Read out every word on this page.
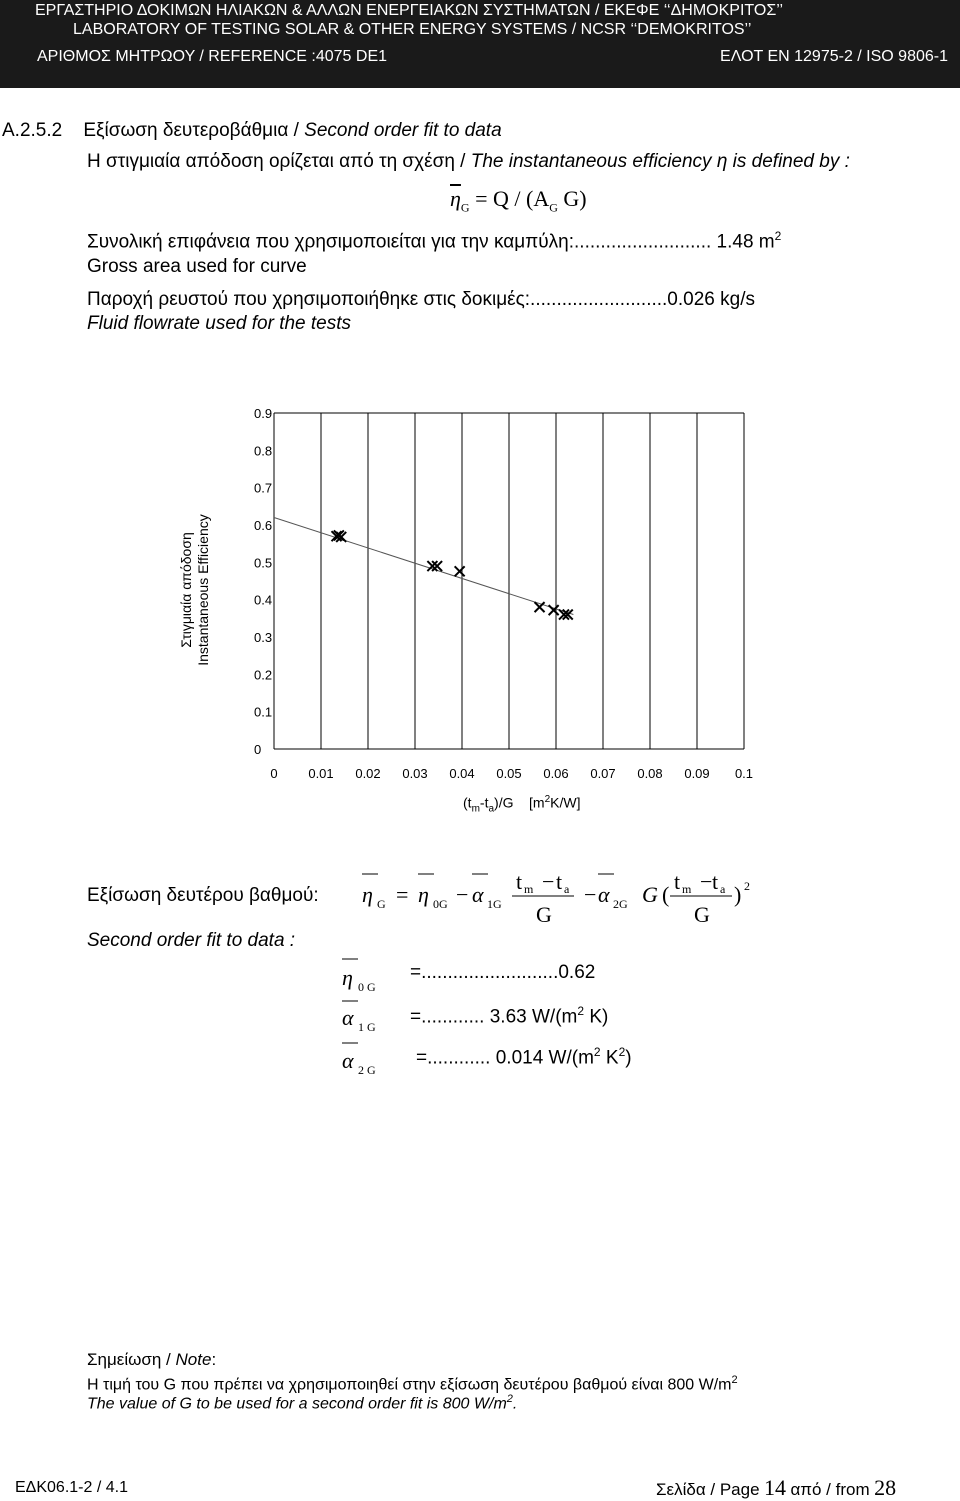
ΕΡΓΑΣΤΗΡΙΟ ΔΟΚΙΜΩΝ ΗΛΙΑΚΩΝ & ΑΛΛΩΝ ΕΝΕΡΓΕΙΑΚΩΝ ΣΥΣΤΗΜΑΤΩΝ / ΕΚΕΦΕ ‘‘ΔΗΜΟΚΡΙΤΟΣ’’
LABORATORY OF TESTING SOLAR & OTHER ENERGY SYSTEMS / NCSR ‘‘DEMOKRITOS’’
ΑΡΙΘΜΟΣ ΜΗΤΡΩΟΥ / REFERENCE :4075 DE1	ΕΛΟΤ EN 12975-2 / ISO 9806-1
Α.2.5.2 Εξίσωση δευτεροβάθμια / Second order fit to data
Η στιγμιαία απόδοση ορίζεται από τη σχέση / The instantaneous efficiency η is defined by :
$\overline{\eta}_G = Q / (A_G$ G)
Συνολική επιφάνεια που χρησιμοποιείται για την καμπύλη:.......................... 1.48 $m^2$
Gross area used for curve
Παροχή ρευστού που χρησιμοποιήθηκε στις δοκιμές:..........................0.026 kg/s
Fluid flowrate used for the tests
0 0.01 0.02 0.03 0.04 0.05 0.06 0.07 0.08 0.09 0.1
0
0.1
0.2
0.3
0.4
0.5
0.6
0.7
0.8
0.9
Στιγμιαία απόδοση Instantaneous Efficiency
$(t_m-t_a)/G$ $[m^2K/W]$
Εξίσωση δευτέρου βαθμού:
Second order fit to data :
η G = η 0G − α 1G
t m − t a
G
− α 2G G (
t m − t a
G
) 2
η 0 G
α 1 G
α 2 G
=..........................0.62
=............ 3.63 $W/(m^2$ K)
=............ 0.014 $W/(m^2$ $K^2$)
Σημείωση / Note:
Η τιμή του G που πρέπει να χρησιμοποιηθεί στην εξίσωση δευτέρου βαθμού είναι 800 $W/m^2$
The value of G to be used for a second order fit is 800 $W/m^2$.
ΕΔΚ06.1-2 / 4.1	Σελίδα / Page 14 από / from 28
